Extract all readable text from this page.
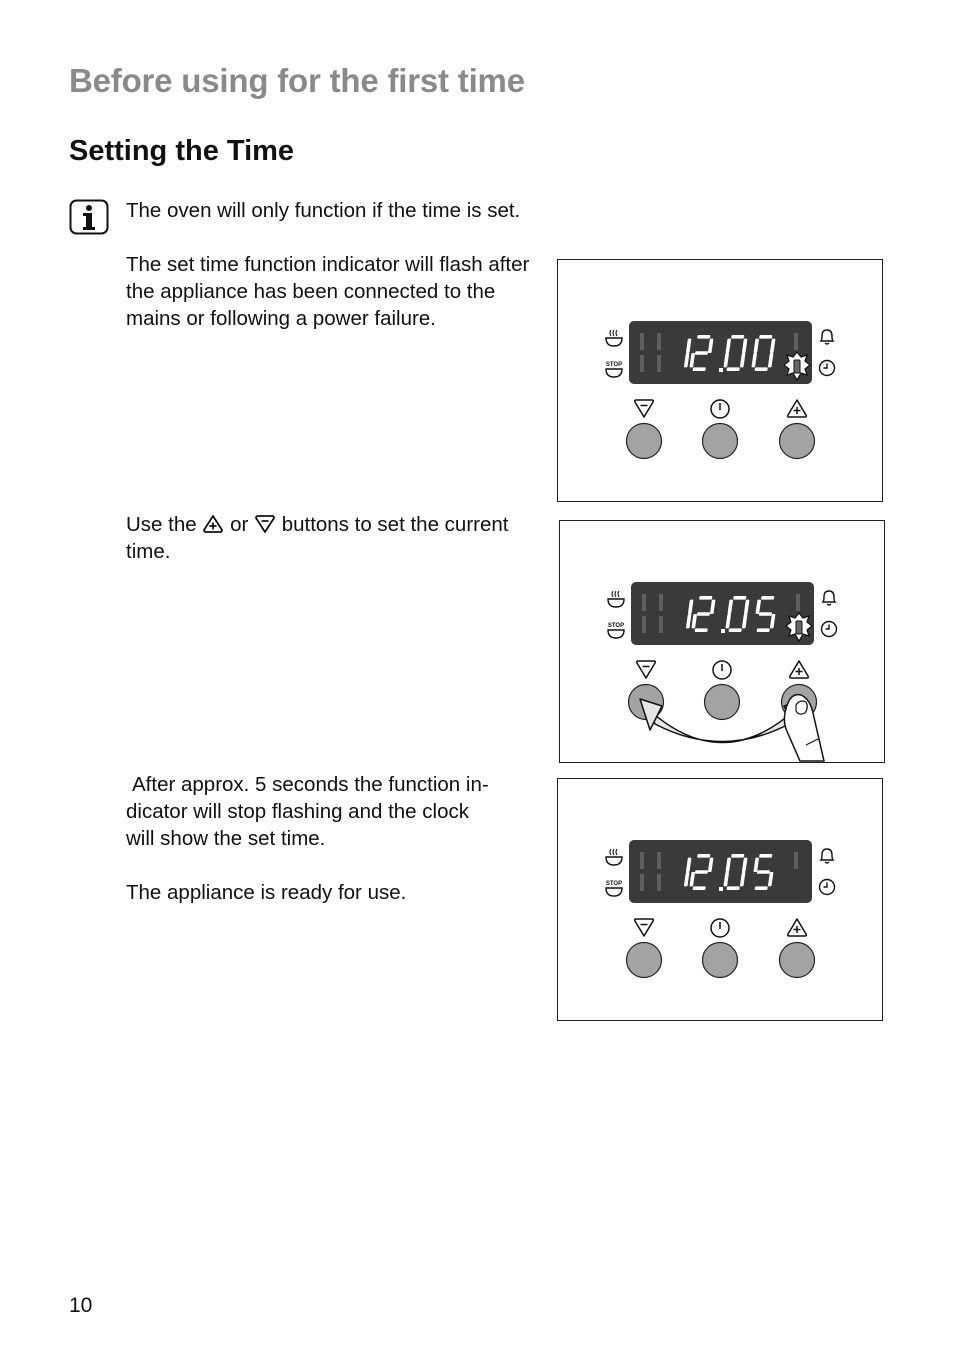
Before using for the first time
Setting the Time
The oven will only function if the time is set.
The set time function indicator will flash after the appliance has been connected to the mains or following a power failure.
Use the or buttons to set the current time.
After approx. 5 seconds the function in-
dicator will stop flashing and the clock
will show the set time.
The appliance is ready for use.
STOP
STOP
STOP
10
